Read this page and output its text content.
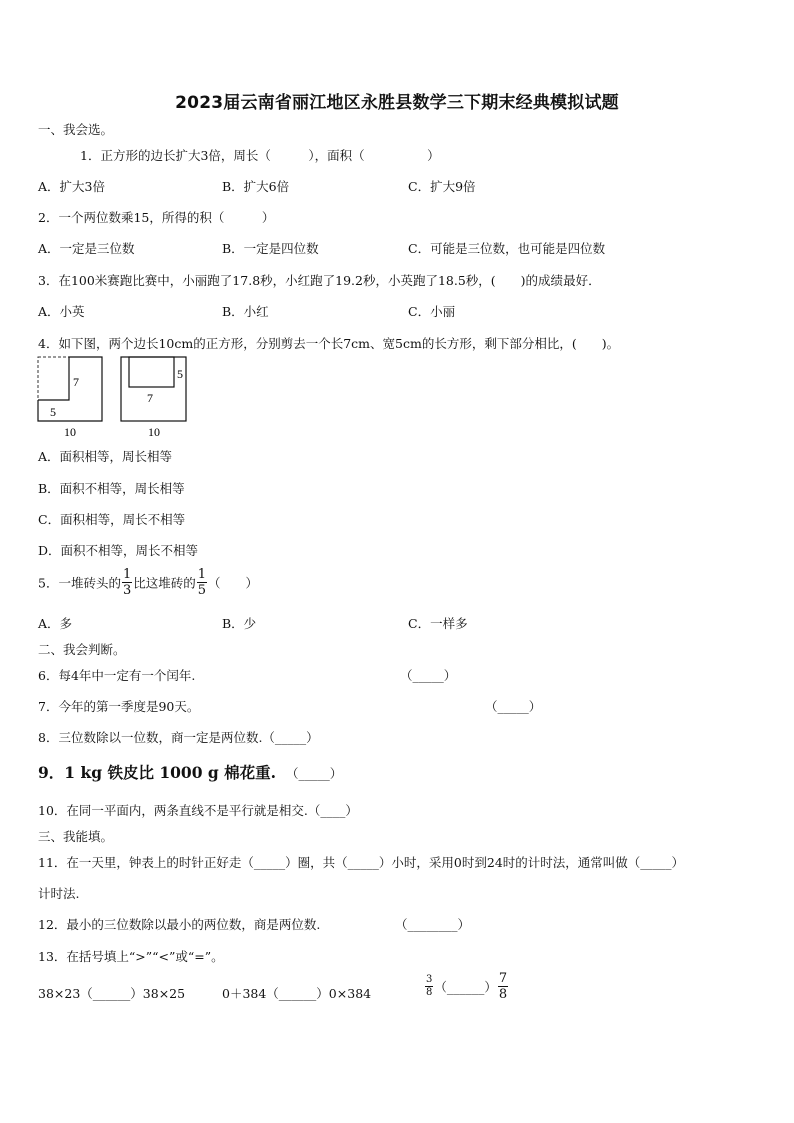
2023届云南省丽江地区永胜县数学三下期末经典模拟试题
一、我会选。
1．正方形的边长扩大3倍，周长（　　　），面积（　　　　　）
A．扩大3倍	B．扩大6倍	C．扩大9倍
2．一个两位数乘15，所得的积（　　　）
A．一定是三位数	B．一定是四位数	C．可能是三位数，也可能是四位数
3．在100米赛跑比赛中，小丽跑了17.8秒，小红跑了19.2秒，小英跑了18.5秒，(　　)的成绩最好．
A．小英	B．小红	C．小丽
4．如下图，两个边长10cm的正方形，分别剪去一个长7cm、宽5cm的长方形，剩下部分相比，(　　)。
7
5
10
7
5
10
A．面积相等，周长相等
B．面积不相等，周长相等
C．面积相等，周长不相等
D．面积不相等，周长不相等
5．一堆砖头的 $\frac{1}{3}$ 比这堆砖的 $\frac{1}{5}$ （　　）
A．多	B．少	C．一样多
二、我会判断。
6．每4年中一定有一个闰年.	（_____）
7．今年的第一季度是90天。	（_____）
8．三位数除以一位数，商一定是两位数.（_____）
9．1 kg 铁皮比 1000 g 棉花重. （_____）
10．在同一平面内，两条直线不是平行就是相交.（____）
三、我能填。
11．在一天里，钟表上的时针正好走（_____）圈，共（_____）小时，采用0时到24时的计时法，通常叫做（_____）
计时法.
12．最小的三位数除以最小的两位数，商是两位数.	（________）
13．在括号填上“>”“<”或“=”。
38×23（______）38×25	0＋384（______）0×384	$\frac{3}{8}$ （______） $\frac{7}{8}$
